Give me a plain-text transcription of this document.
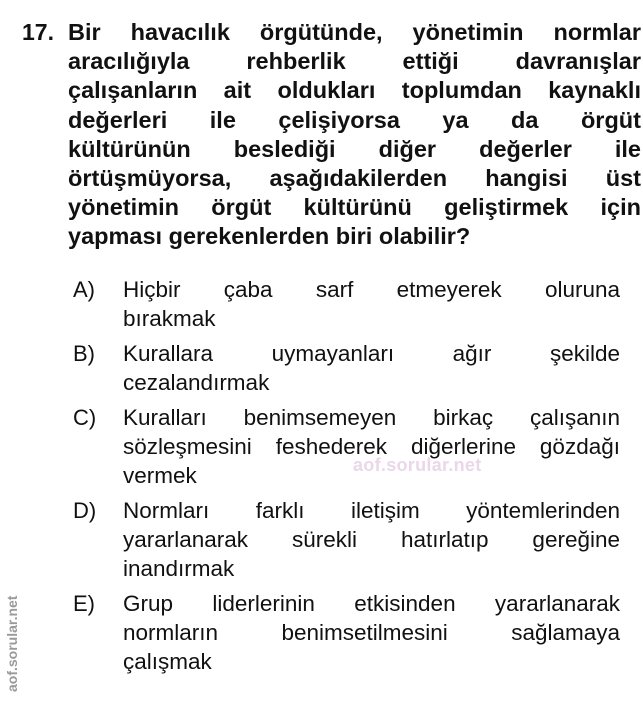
17. Bir havacılık örgütünde, yönetimin normlar
aracılığıyla rehberlik ettiği davranışlar
çalışanların ait oldukları toplumdan kaynaklı
değerleri ile çelişiyorsa ya da örgüt
kültürünün beslediği diğer değerler ile
örtüşmüyorsa, aşağıdakilerden hangisi üst
yönetimin örgüt kültürünü geliştirmek için
yapması gerekenlerden biri olabilir?
A) Hiçbir çaba sarf etmeyerek oluruna
bırakmak
B) Kurallara uymayanları ağır şekilde
cezalandırmak
C) Kuralları benimsemeyen birkaç çalışanın
sözleşmesini feshederek diğerlerine gözdağı
vermek
D) Normları farklı iletişim yöntemlerinden
yararlanarak sürekli hatırlatıp gereğine
inandırmak
E) Grup liderlerinin etkisinden yararlanarak
normların benimsetilmesini sağlamaya
çalışmak
aof.sorular.net
aof.sorular.net
